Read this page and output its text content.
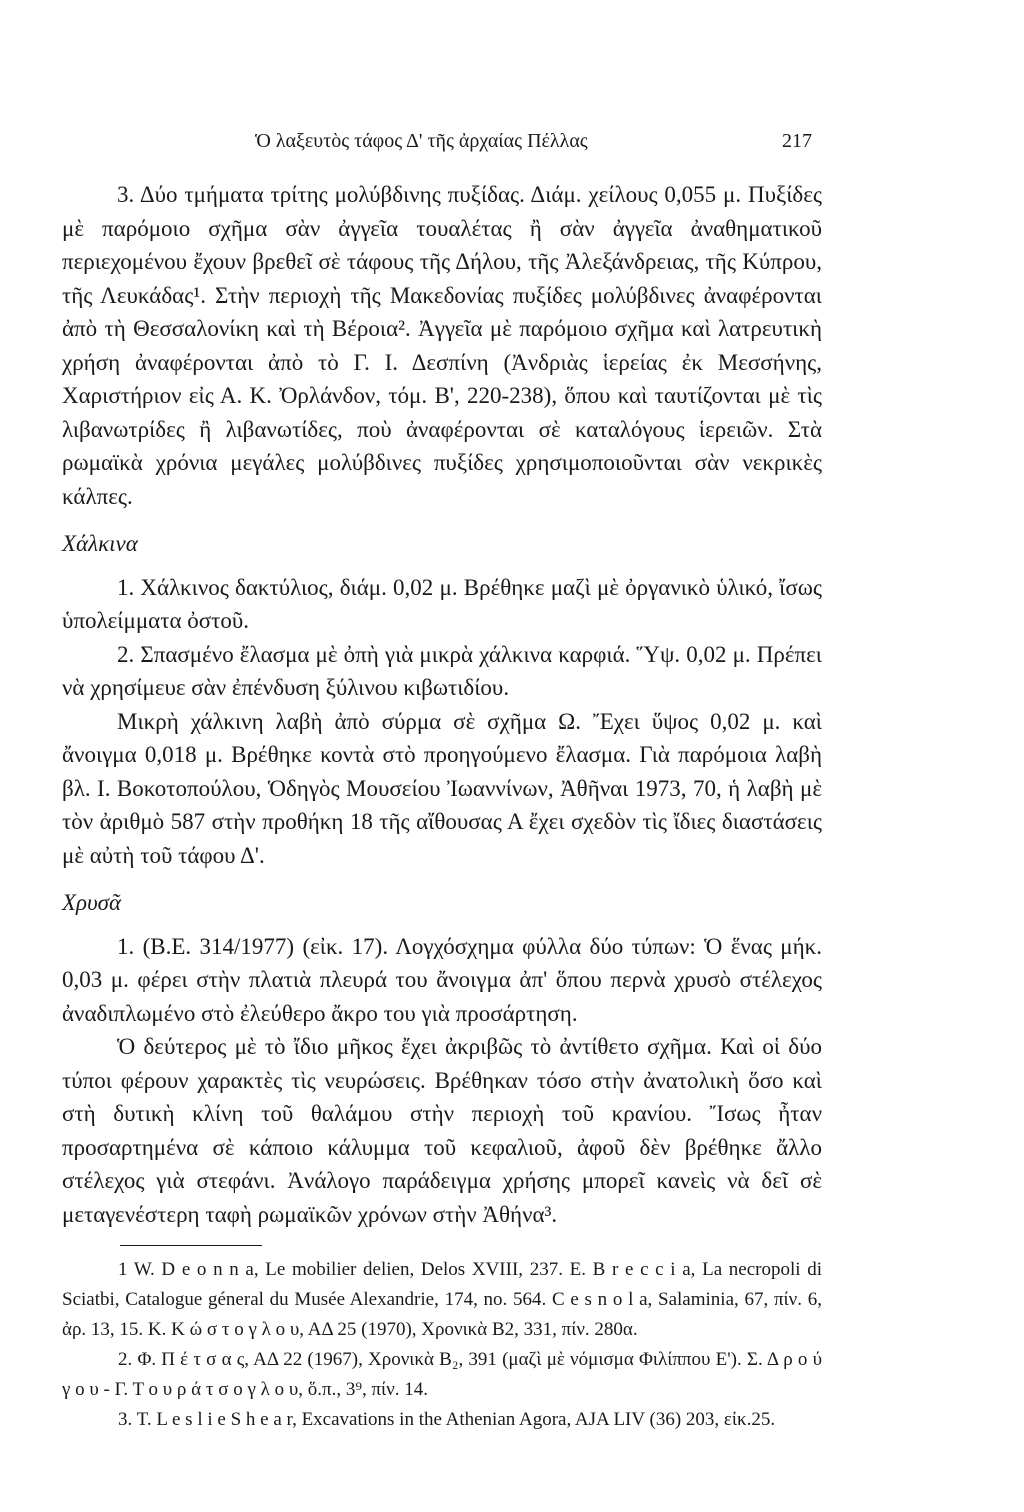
Ὁ λαξευτὸς τάφος Δ' τῆς ἀρχαίας Πέλλας	217

3. Δύο τμήματα τρίτης μολύβδινης πυξίδας. Διάμ. χείλους 0,055 μ. Πυξίδες μὲ παρόμοιο σχῆμα σὰν ἀγγεῖα τουαλέτας ἢ σὰν ἀγγεῖα ἀναθηματικοῦ περιεχομένου ἔχουν βρεθεῖ σὲ τάφους τῆς Δήλου, τῆς Ἀλεξάνδρειας, τῆς Κύπρου, τῆς Λευκάδας¹. Στὴν περιοχὴ τῆς Μακεδονίας πυξίδες μολύβδινες ἀναφέρονται ἀπὸ τὴ Θεσσαλονίκη καὶ τὴ Βέροια². Ἀγγεῖα μὲ παρόμοιο σχῆμα καὶ λατρευτικὴ χρήση ἀναφέρονται ἀπὸ τὸ Γ. Ι. Δεσπίνη (Ἀνδριὰς ἱερείας ἐκ Μεσσήνης, Χαριστήριον εἰς Α. Κ. Ὀρλάνδον, τόμ. Β', 220-238), ὅπου καὶ ταυτίζονται μὲ τὶς λιβανωτρίδες ἢ λιβανωτίδες, ποὺ ἀναφέρονται σὲ καταλόγους ἱερειῶν. Στὰ ρωμαϊκὰ χρόνια μεγάλες μολύβδινες πυξίδες χρησιμοποιοῦνται σὰν νεκρικὲς κάλπες.

Χάλκινα

1. Χάλκινος δακτύλιος, διάμ. 0,02 μ. Βρέθηκε μαζὶ μὲ ὀργανικὸ ὑλικό, ἴσως ὑπολείμματα ὀστοῦ.

2. Σπασμένο ἔλασμα μὲ ὀπὴ γιὰ μικρὰ χάλκινα καρφιά. Ὕψ. 0,02 μ. Πρέπει νὰ χρησίμευε σὰν ἐπένδυση ξύλινου κιβωτιδίου.

Μικρὴ χάλκινη λαβὴ ἀπὸ σύρμα σὲ σχῆμα Ω. Ἔχει ὕψος 0,02 μ. καὶ ἄνοιγμα 0,018 μ. Βρέθηκε κοντὰ στὸ προηγούμενο ἔλασμα. Γιὰ παρόμοια λαβὴ βλ. Ι. Βοκοτοπούλου, Ὁδηγὸς Μουσείου Ἰωαννίνων, Ἀθῆναι 1973, 70, ἡ λαβὴ μὲ τὸν ἀριθμὸ 587 στὴν προθήκη 18 τῆς αἴθουσας Α ἔχει σχεδὸν τὶς ἴδιες διαστάσεις μὲ αὐτὴ τοῦ τάφου Δ'.

Χρυσᾶ

1. (Β.Ε. 314/1977) (εἰκ. 17). Λογχόσχημα φύλλα δύο τύπων: Ὁ ἕνας μήκ. 0,03 μ. φέρει στὴν πλατιὰ πλευρά του ἄνοιγμα ἀπ' ὅπου περνὰ χρυσὸ στέλεχος ἀναδιπλωμένο στὸ ἐλεύθερο ἄκρο του γιὰ προσάρτηση.

Ὁ δεύτερος μὲ τὸ ἴδιο μῆκος ἔχει ἀκριβῶς τὸ ἀντίθετο σχῆμα. Καὶ οἱ δύο τύποι φέρουν χαρακτὲς τὶς νευρώσεις. Βρέθηκαν τόσο στὴν ἀνατολικὴ ὅσο καὶ στὴ δυτικὴ κλίνη τοῦ θαλάμου στὴν περιοχὴ τοῦ κρανίου. Ἴσως ἦταν προσαρτημένα σὲ κάποιο κάλυμμα τοῦ κεφαλιοῦ, ἀφοῦ δὲν βρέθηκε ἄλλο στέλεχος γιὰ στεφάνι. Ἀνάλογο παράδειγμα χρήσης μπορεῖ κανεὶς νὰ δεῖ σὲ μεταγενέστερη ταφὴ ρωμαϊκῶν χρόνων στὴν Ἀθήνα³.

1 W. D e o n n a, Le mobilier delien, Delos XVIII, 237. E. B r e c c i a, La necropoli di Sciatbi, Catalogue géneral du Musée Alexandrie, 174, no. 564. C e s n o l a, Salaminia, 67, πίν. 6, ἀρ. 13, 15. Κ. Κ ώ σ τ ο γ λ ο υ, ΑΔ 25 (1970), Χρονικὰ Β2, 331, πίν. 280α.

2. Φ. Π έ τ σ α ς, ΑΔ 22 (1967), Χρονικὰ Β₂, 391 (μαζὶ μὲ νόμισμα Φιλίππου Ε'). Σ. Δ ρ ο ύ γ ο υ - Γ. Τ ο υ ρ ά τ σ ο γ λ ο υ, ὅ.π., 3⁹, πίν. 14.

3. T. L e s l i e S h e a r, Excavations in the Athenian Agora, AJA LIV (36) 203, εἰκ.25.
